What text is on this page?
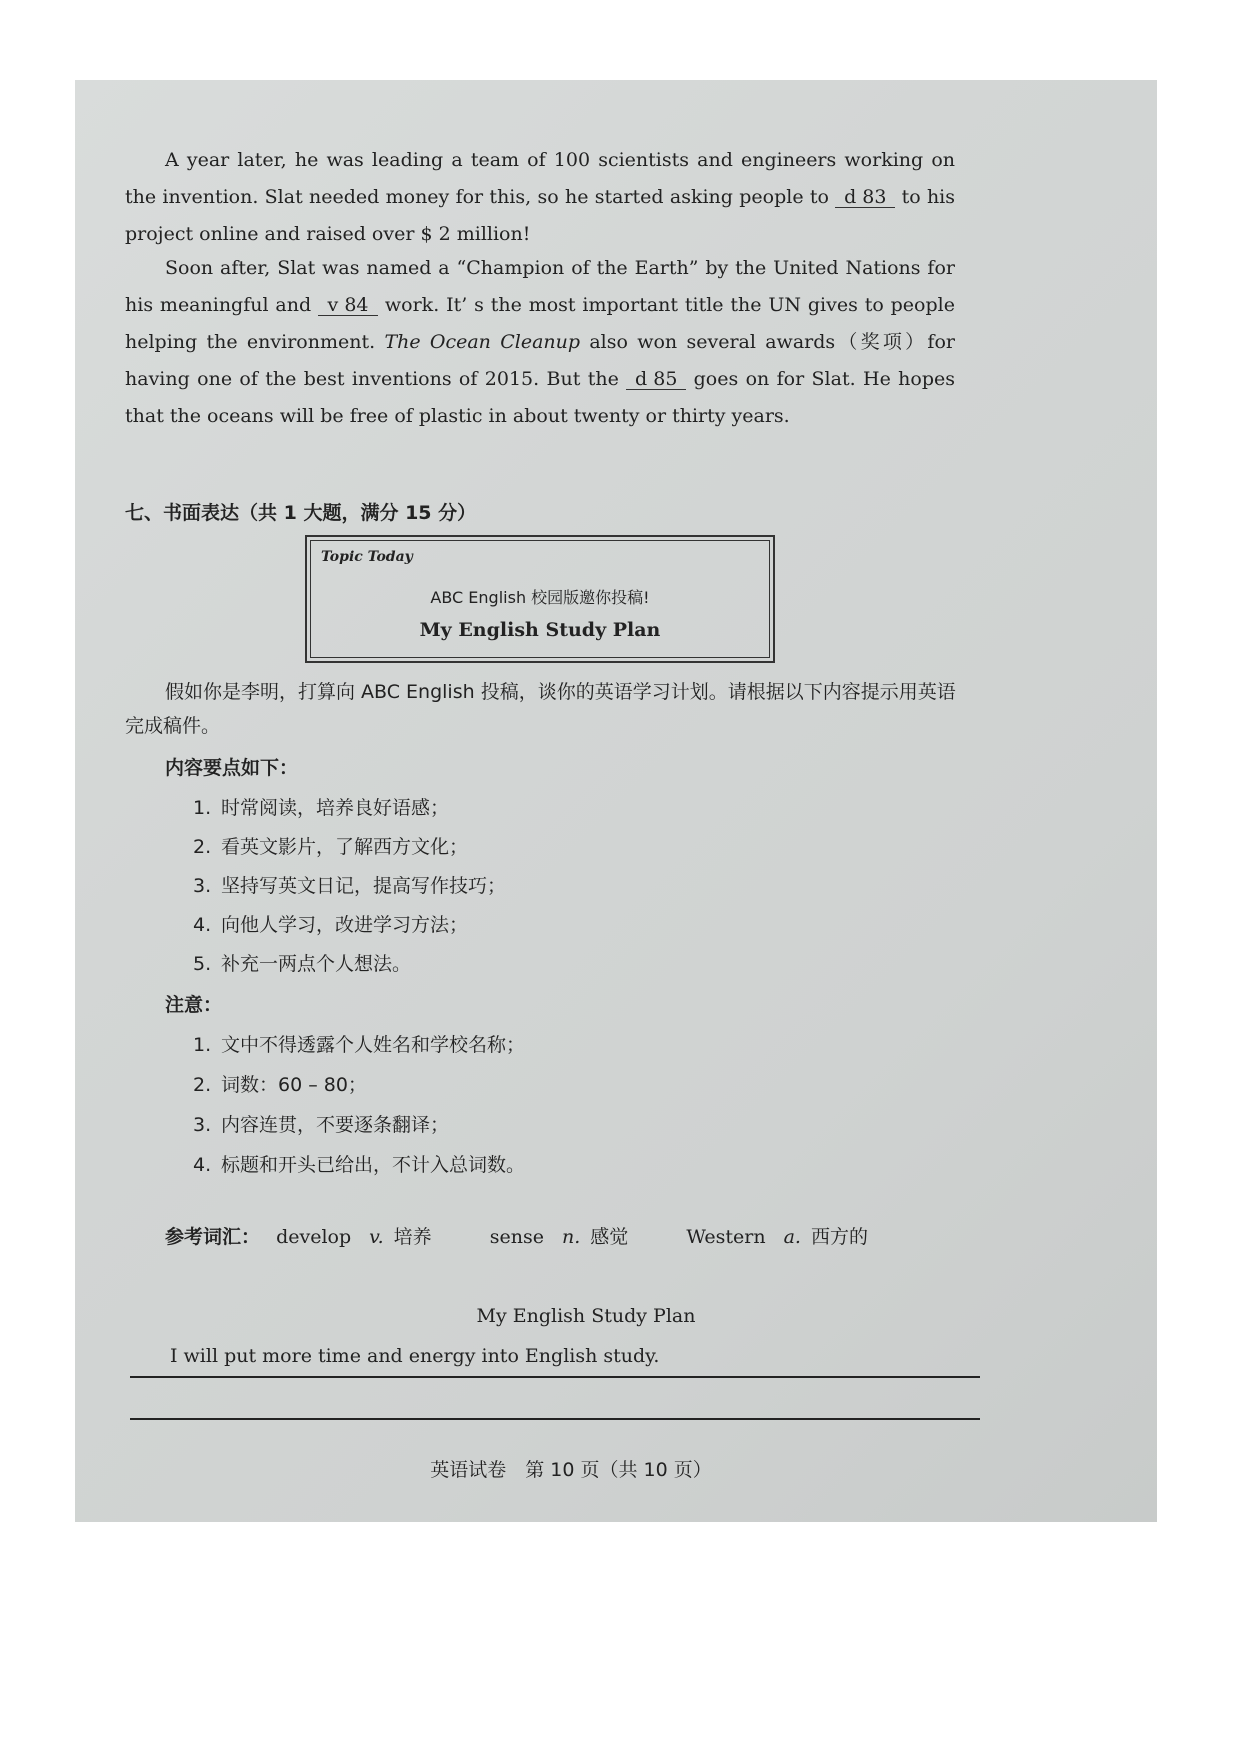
A year later, he was leading a team of 100 scientists and engineers working on the invention. Slat needed money for this, so he started asking people to d 83 to his project online and raised over $ 2 million!

Soon after, Slat was named a “Champion of the Earth” by the United Nations for his meaningful and v 84 work. It’ s the most important title the UN gives to people helping the environment. The Ocean Cleanup also won several awards（奖项）for having one of the best inventions of 2015. But the d 85 goes on for Slat. He hopes that the oceans will be free of plastic in about twenty or thirty years.

七、书面表达（共 1 大题，满分 15 分）
Topic Today
ABC English 校园版邀你投稿!
My English Study Plan

假如你是李明，打算向 ABC English 投稿，谈你的英语学习计划。请根据以下内容提示用英语完成稿件。

内容要点如下：
1. 时常阅读，培养良好语感；
2. 看英文影片，了解西方文化；
3. 坚持写英文日记，提高写作技巧；
4. 向他人学习，改进学习方法；
5. 补充一两点个人想法。
注意：
1. 文中不得透露个人姓名和学校名称；
2. 词数：60 – 80；
3. 内容连贯，不要逐条翻译；
4. 标题和开头已给出，不计入总词数。
参考词汇： develop v. 培养	sense n. 感觉	Western a. 西方的
My English Study Plan
I will put more time and energy into English study.
英语试卷　第 10 页（共 10 页）
